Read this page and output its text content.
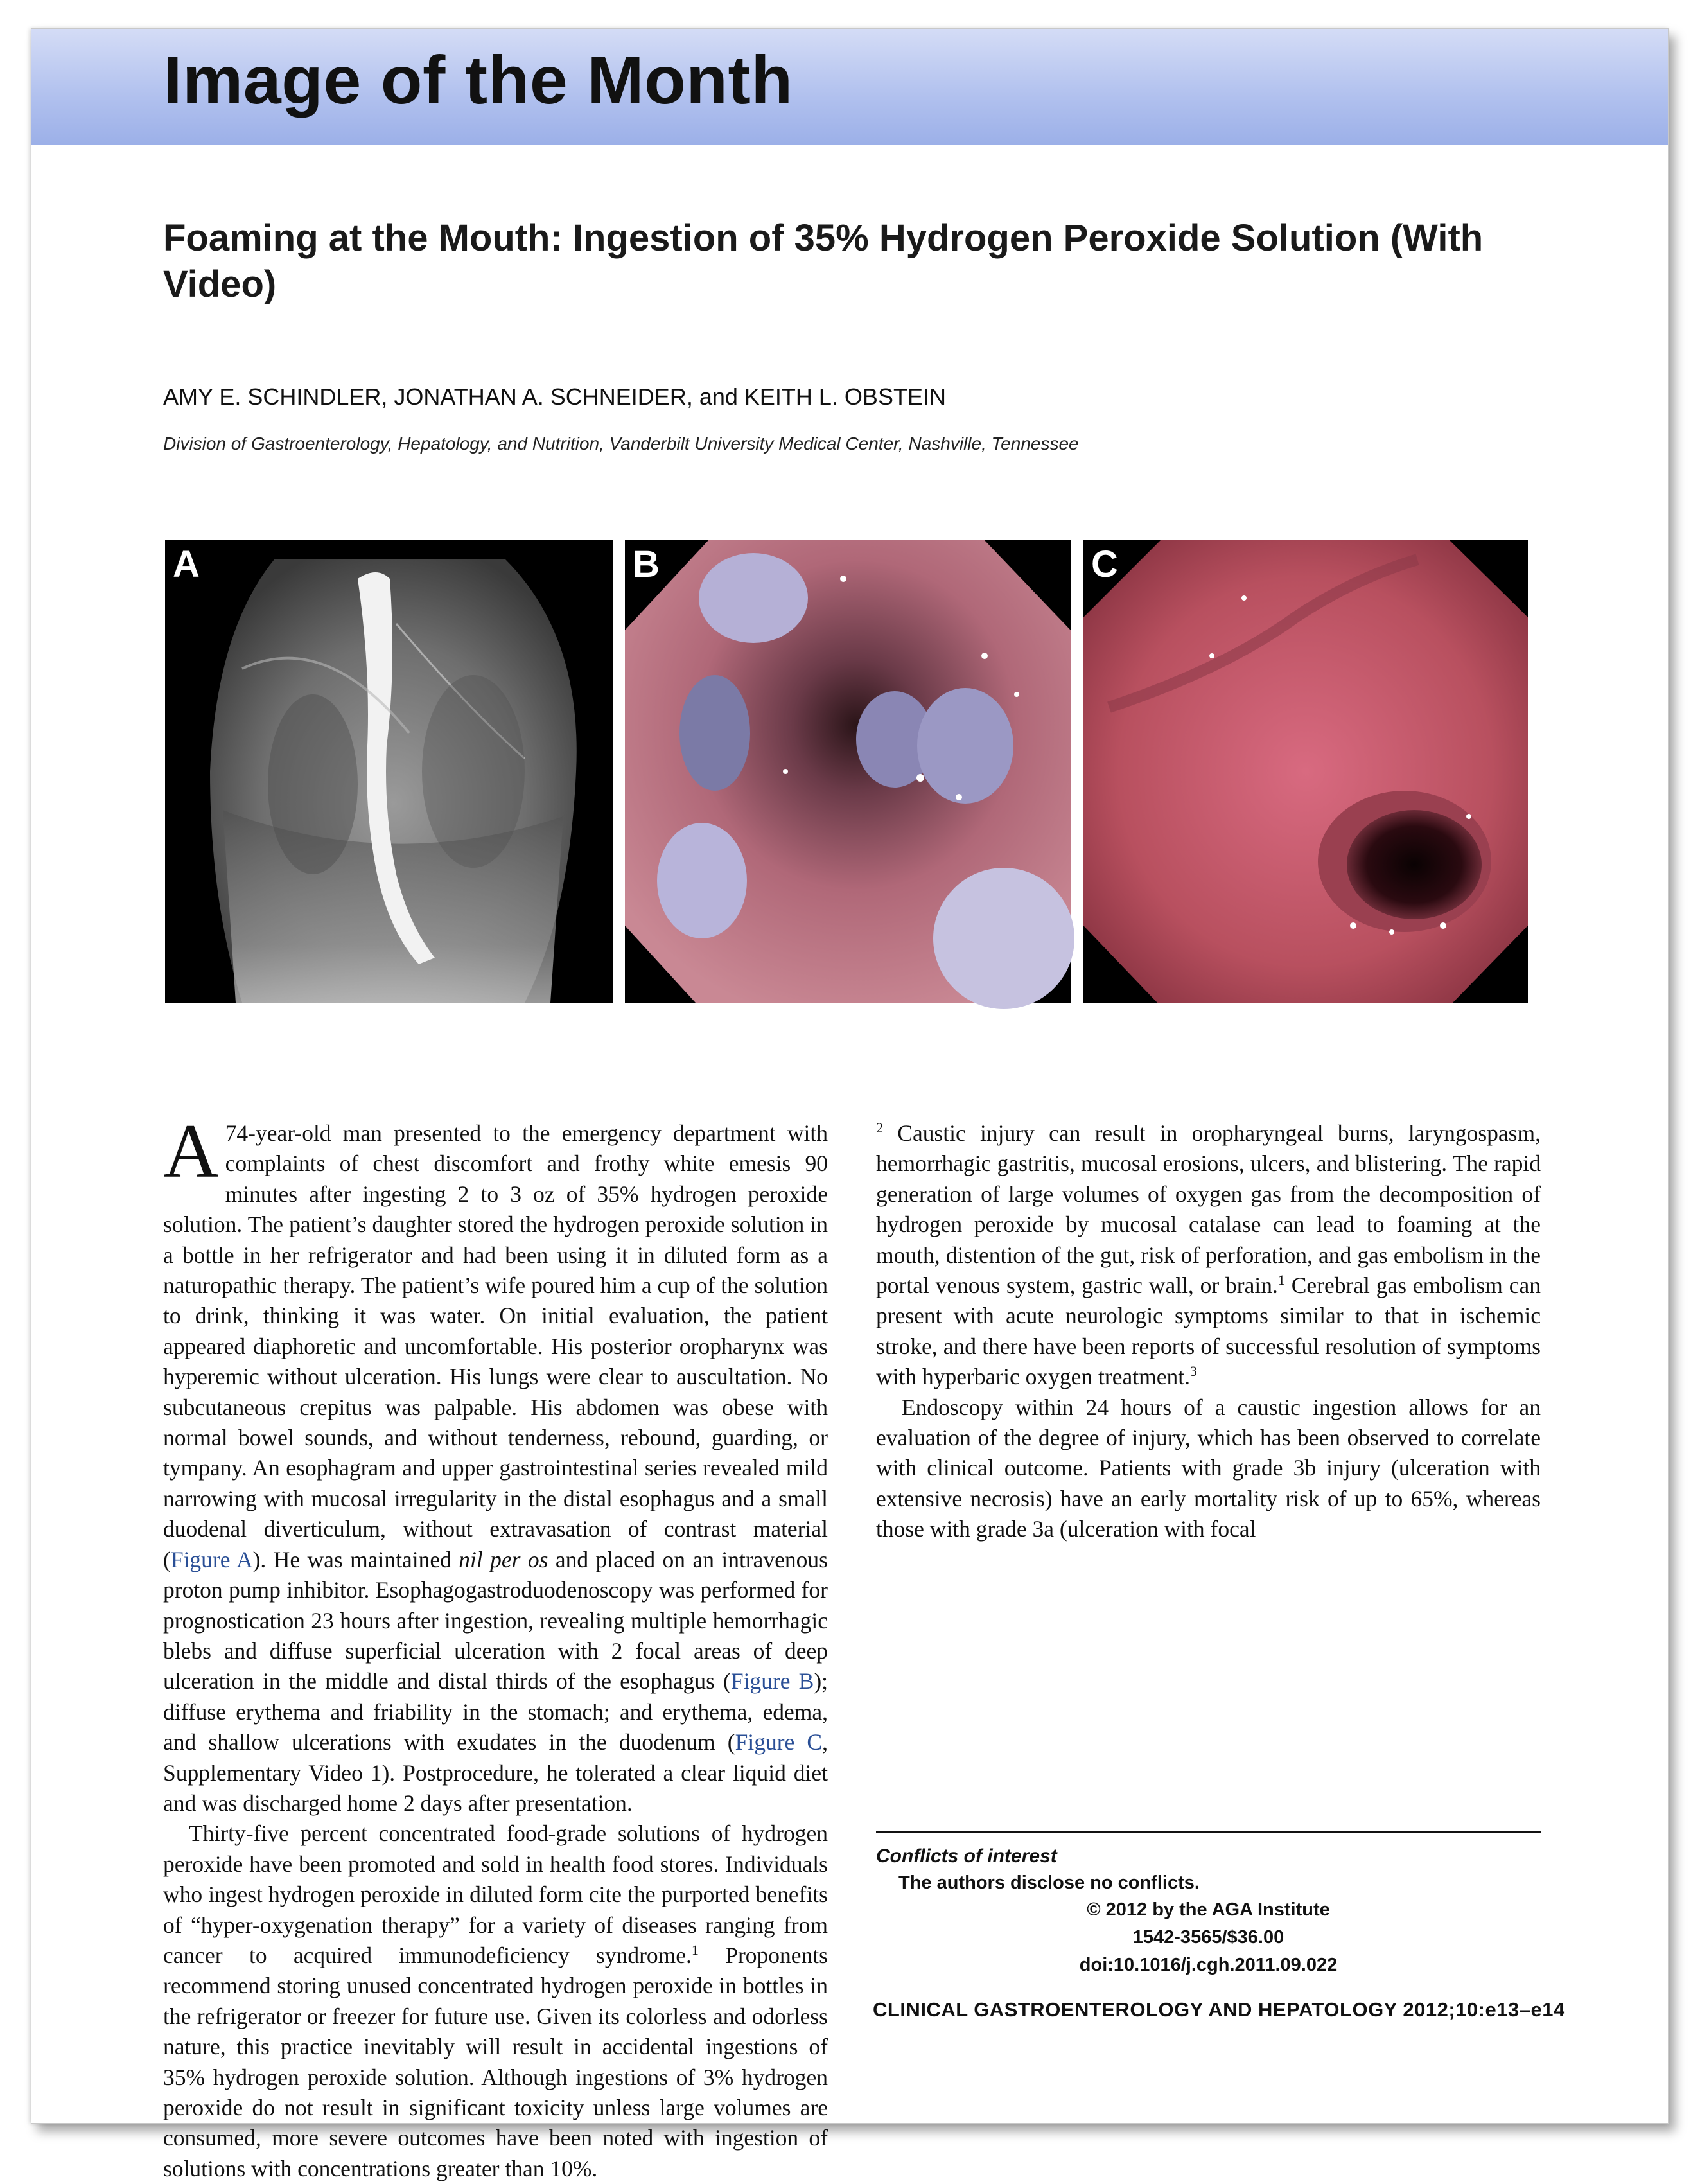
Image of the Month
Foaming at the Mouth: Ingestion of 35% Hydrogen Peroxide Solution (With Video)
AMY E. SCHINDLER, JONATHAN A. SCHNEIDER, and KEITH L. OBSTEIN
Division of Gastroenterology, Hepatology, and Nutrition, Vanderbilt University Medical Center, Nashville, Tennessee
A	B	C

A 74-year-old man presented to the emergency department with complaints of chest discomfort and frothy white emesis 90 minutes after ingesting 2 to 3 oz of 35% hydrogen peroxide solution. The patient’s daughter stored the hydrogen peroxide solution in a bottle in her refrigerator and had been using it in diluted form as a naturopathic therapy. The patient’s wife poured him a cup of the solution to drink, thinking it was water. On initial evaluation, the patient appeared diaphoretic and uncomfortable. His posterior oropharynx was hyperemic without ulceration. His lungs were clear to auscultation. No subcutaneous crepitus was palpable. His abdomen was obese with normal bowel sounds, and without tenderness, rebound, guarding, or tympany. An esophagram and upper gastrointestinal series revealed mild narrowing with mucosal irregularity in the distal esophagus and a small duodenal diverticulum, without extravasation of contrast material (Figure A). He was maintained nil per os and placed on an intravenous proton pump inhibitor. Esophagogastroduodenoscopy was performed for prognostication 23 hours after ingestion, revealing multiple hemorrhagic blebs and diffuse superficial ulceration with 2 focal areas of deep ulceration in the middle and distal thirds of the esophagus (Figure B); diffuse erythema and friability in the stomach; and erythema, edema, and shallow ulcerations with exudates in the duodenum (Figure C, Supplementary Video 1). Postprocedure, he tolerated a clear liquid diet and was discharged home 2 days after presentation.

Thirty-five percent concentrated food-grade solutions of hydrogen peroxide have been promoted and sold in health food stores. Individuals who ingest hydrogen peroxide in diluted form cite the purported benefits of “hyper-oxygenation therapy” for a variety of diseases ranging from cancer to acquired immunodeficiency syndrome.$^1$ Proponents recommend storing unused concentrated hydrogen peroxide in bottles in the refrigerator or freezer for future use. Given its colorless and odorless nature, this practice inevitably will result in accidental ingestions of 35% hydrogen peroxide solution. Although ingestions of 3% hydrogen peroxide do not result in significant toxicity unless large volumes are consumed, more severe outcomes have been noted with ingestion of solutions with concentrations greater than 10%.

$^2$ Caustic injury can result in oropharyngeal burns, laryngospasm, hemorrhagic gastritis, mucosal erosions, ulcers, and blistering. The rapid generation of large volumes of oxygen gas from the decomposition of hydrogen peroxide by mucosal catalase can lead to foaming at the mouth, distention of the gut, risk of perforation, and gas embolism in the portal venous system, gastric wall, or brain.$^1$ Cerebral gas embolism can present with acute neurologic symptoms similar to that in ischemic stroke, and there have been reports of successful resolution of symptoms with hyperbaric oxygen treatment.$^3$

Endoscopy within 24 hours of a caustic ingestion allows for an evaluation of the degree of injury, which has been observed to correlate with clinical outcome. Patients with grade 3b injury (ulceration with extensive necrosis) have an early mortality risk of up to 65%, whereas those with grade 3a (ulceration with focal

Conflicts of interest
The authors disclose no conflicts.
© 2012 by the AGA Institute
1542-3565/$36.00
doi:10.1016/j.cgh.2011.09.022
CLINICAL GASTROENTEROLOGY AND HEPATOLOGY 2012;10:e13–e14
